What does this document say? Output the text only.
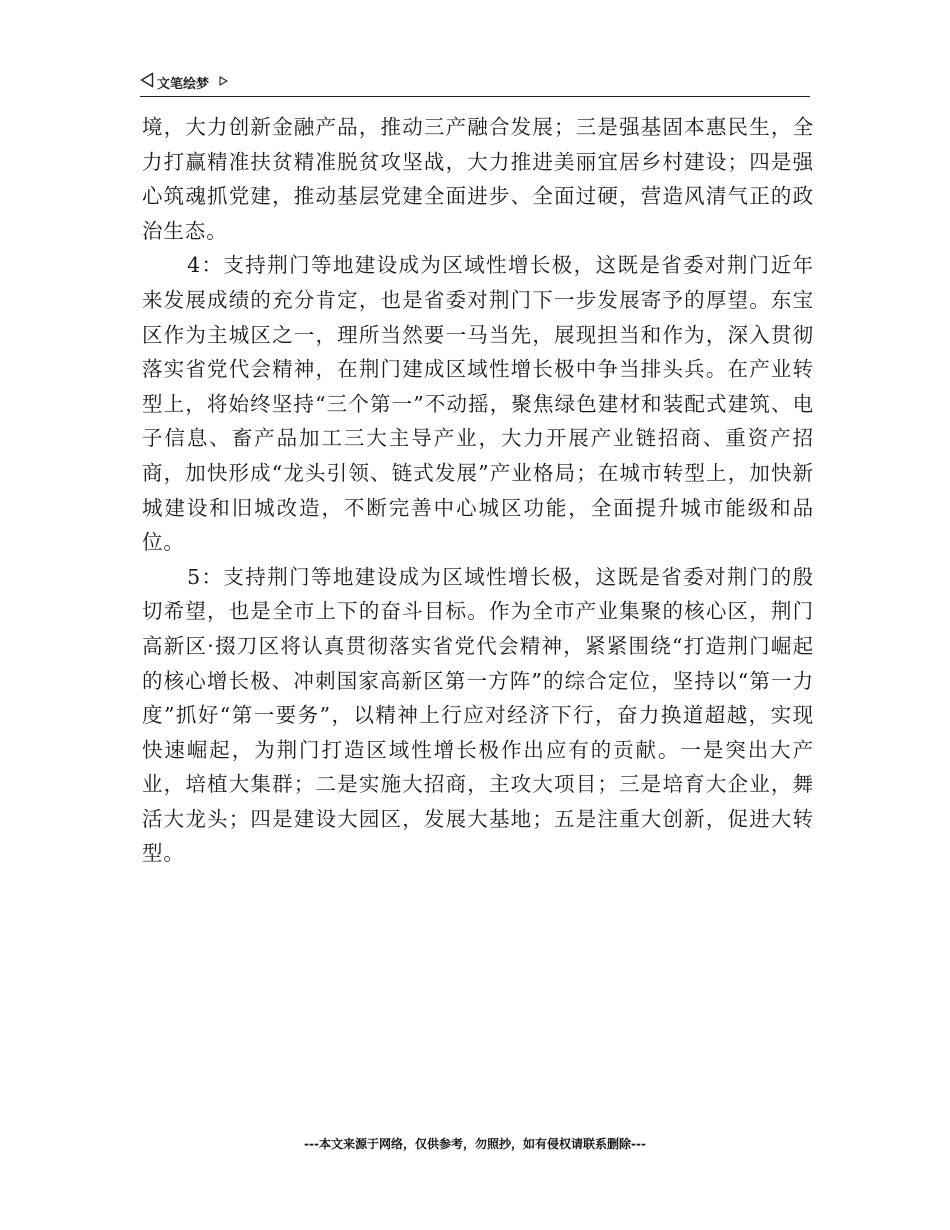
文笔绘梦

境，大力创新金融产品，推动三产融合发展；三是强基固本惠民生，全力打赢精准扶贫精准脱贫攻坚战，大力推进美丽宜居乡村建设；四是强心筑魂抓党建，推动基层党建全面进步、全面过硬，营造风清气正的政治生态。

4：支持荆门等地建设成为区域性增长极，这既是省委对荆门近年来发展成绩的充分肯定，也是省委对荆门下一步发展寄予的厚望。东宝区作为主城区之一，理所当然要一马当先，展现担当和作为，深入贯彻落实省党代会精神，在荆门建成区域性增长极中争当排头兵。在产业转型上，将始终坚持“三个第一”不动摇，聚焦绿色建材和装配式建筑、电子信息、畜产品加工三大主导产业，大力开展产业链招商、重资产招商，加快形成“龙头引领、链式发展”产业格局；在城市转型上，加快新城建设和旧城改造，不断完善中心城区功能，全面提升城市能级和品位。

5：支持荆门等地建设成为区域性增长极，这既是省委对荆门的殷切希望，也是全市上下的奋斗目标。作为全市产业集聚的核心区，荆门高新区·掇刀区将认真贯彻落实省党代会精神，紧紧围绕“打造荆门崛起的核心增长极、冲刺国家高新区第一方阵”的综合定位，坚持以“第一力度”抓好“第一要务”，以精神上行应对经济下行，奋力换道超越，实现快速崛起，为荆门打造区域性增长极作出应有的贡献。一是突出大产业，培植大集群；二是实施大招商，主攻大项目；三是培育大企业，舞活大龙头；四是建设大园区，发展大基地；五是注重大创新，促进大转型。

---本文来源于网络，仅供参考，勿照抄，如有侵权请联系删除---
